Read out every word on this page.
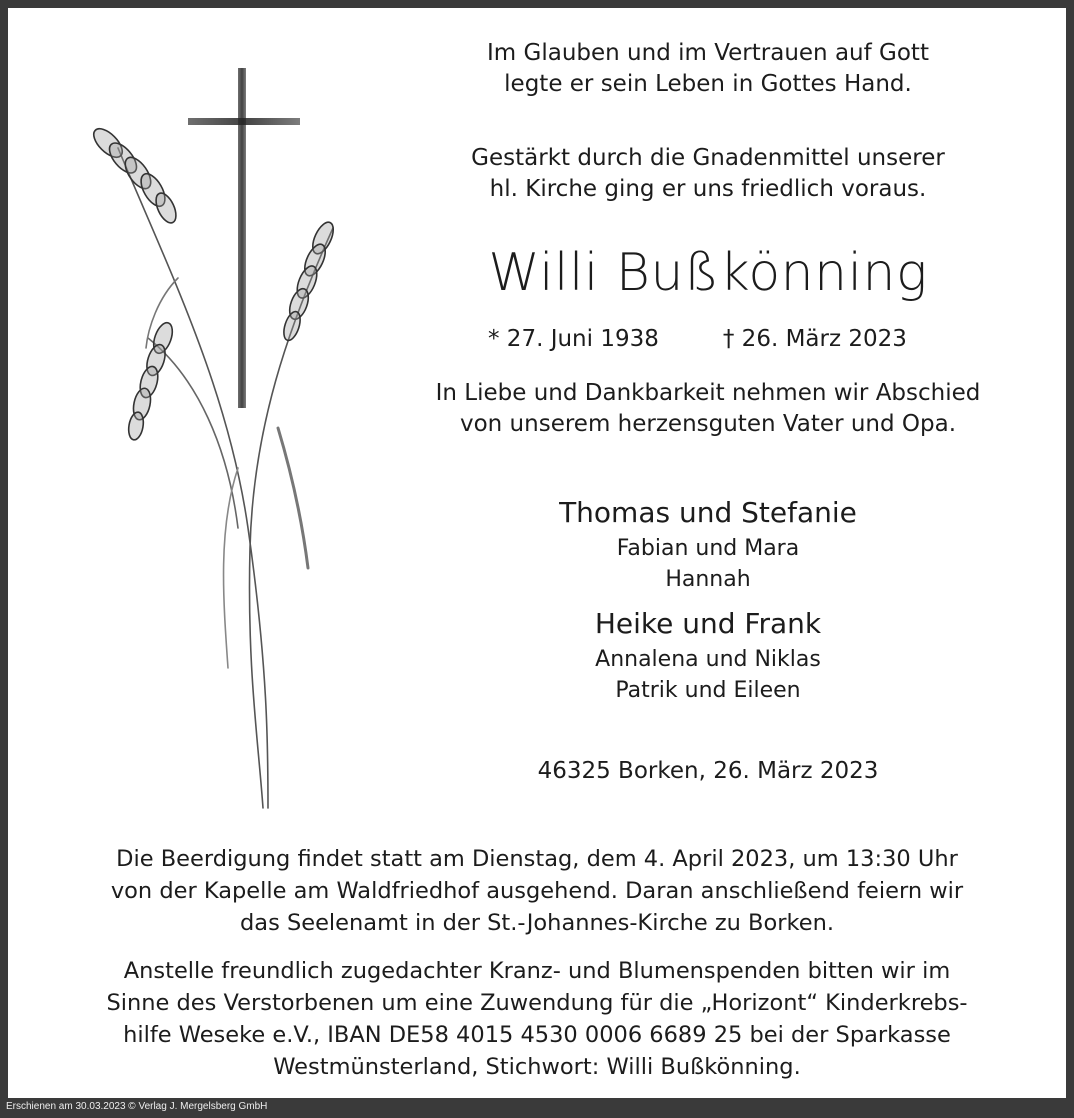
Im Glauben und im Vertrauen auf Gott
legte er sein Leben in Gottes Hand.
Gestärkt durch die Gnadenmittel unserer
hl. Kirche ging er uns friedlich voraus.
Willi Bußkönning
* 27. Juni 1938	† 26. März 2023
In Liebe und Dankbarkeit nehmen wir Abschied
von unserem herzensguten Vater und Opa.
Thomas und Stefanie
Fabian und Mara
Hannah
Heike und Frank
Annalena und Niklas
Patrik und Eileen
46325 Borken, 26. März 2023
Die Beerdigung findet statt am Dienstag, dem 4. April 2023, um 13:30 Uhr
von der Kapelle am Waldfriedhof ausgehend. Daran anschließend feiern wir
das Seelenamt in der St.-Johannes-Kirche zu Borken.
Anstelle freundlich zugedachter Kranz- und Blumenspenden bitten wir im
Sinne des Verstorbenen um eine Zuwendung für die „Horizont“ Kinderkrebs-
hilfe Weseke e.V., IBAN DE58 4015 4530 0006 6689 25 bei der Sparkasse
Westmünsterland, Stichwort: Willi Bußkönning.
Erschienen am 30.03.2023 © Verlag J. Mergelsberg GmbH
